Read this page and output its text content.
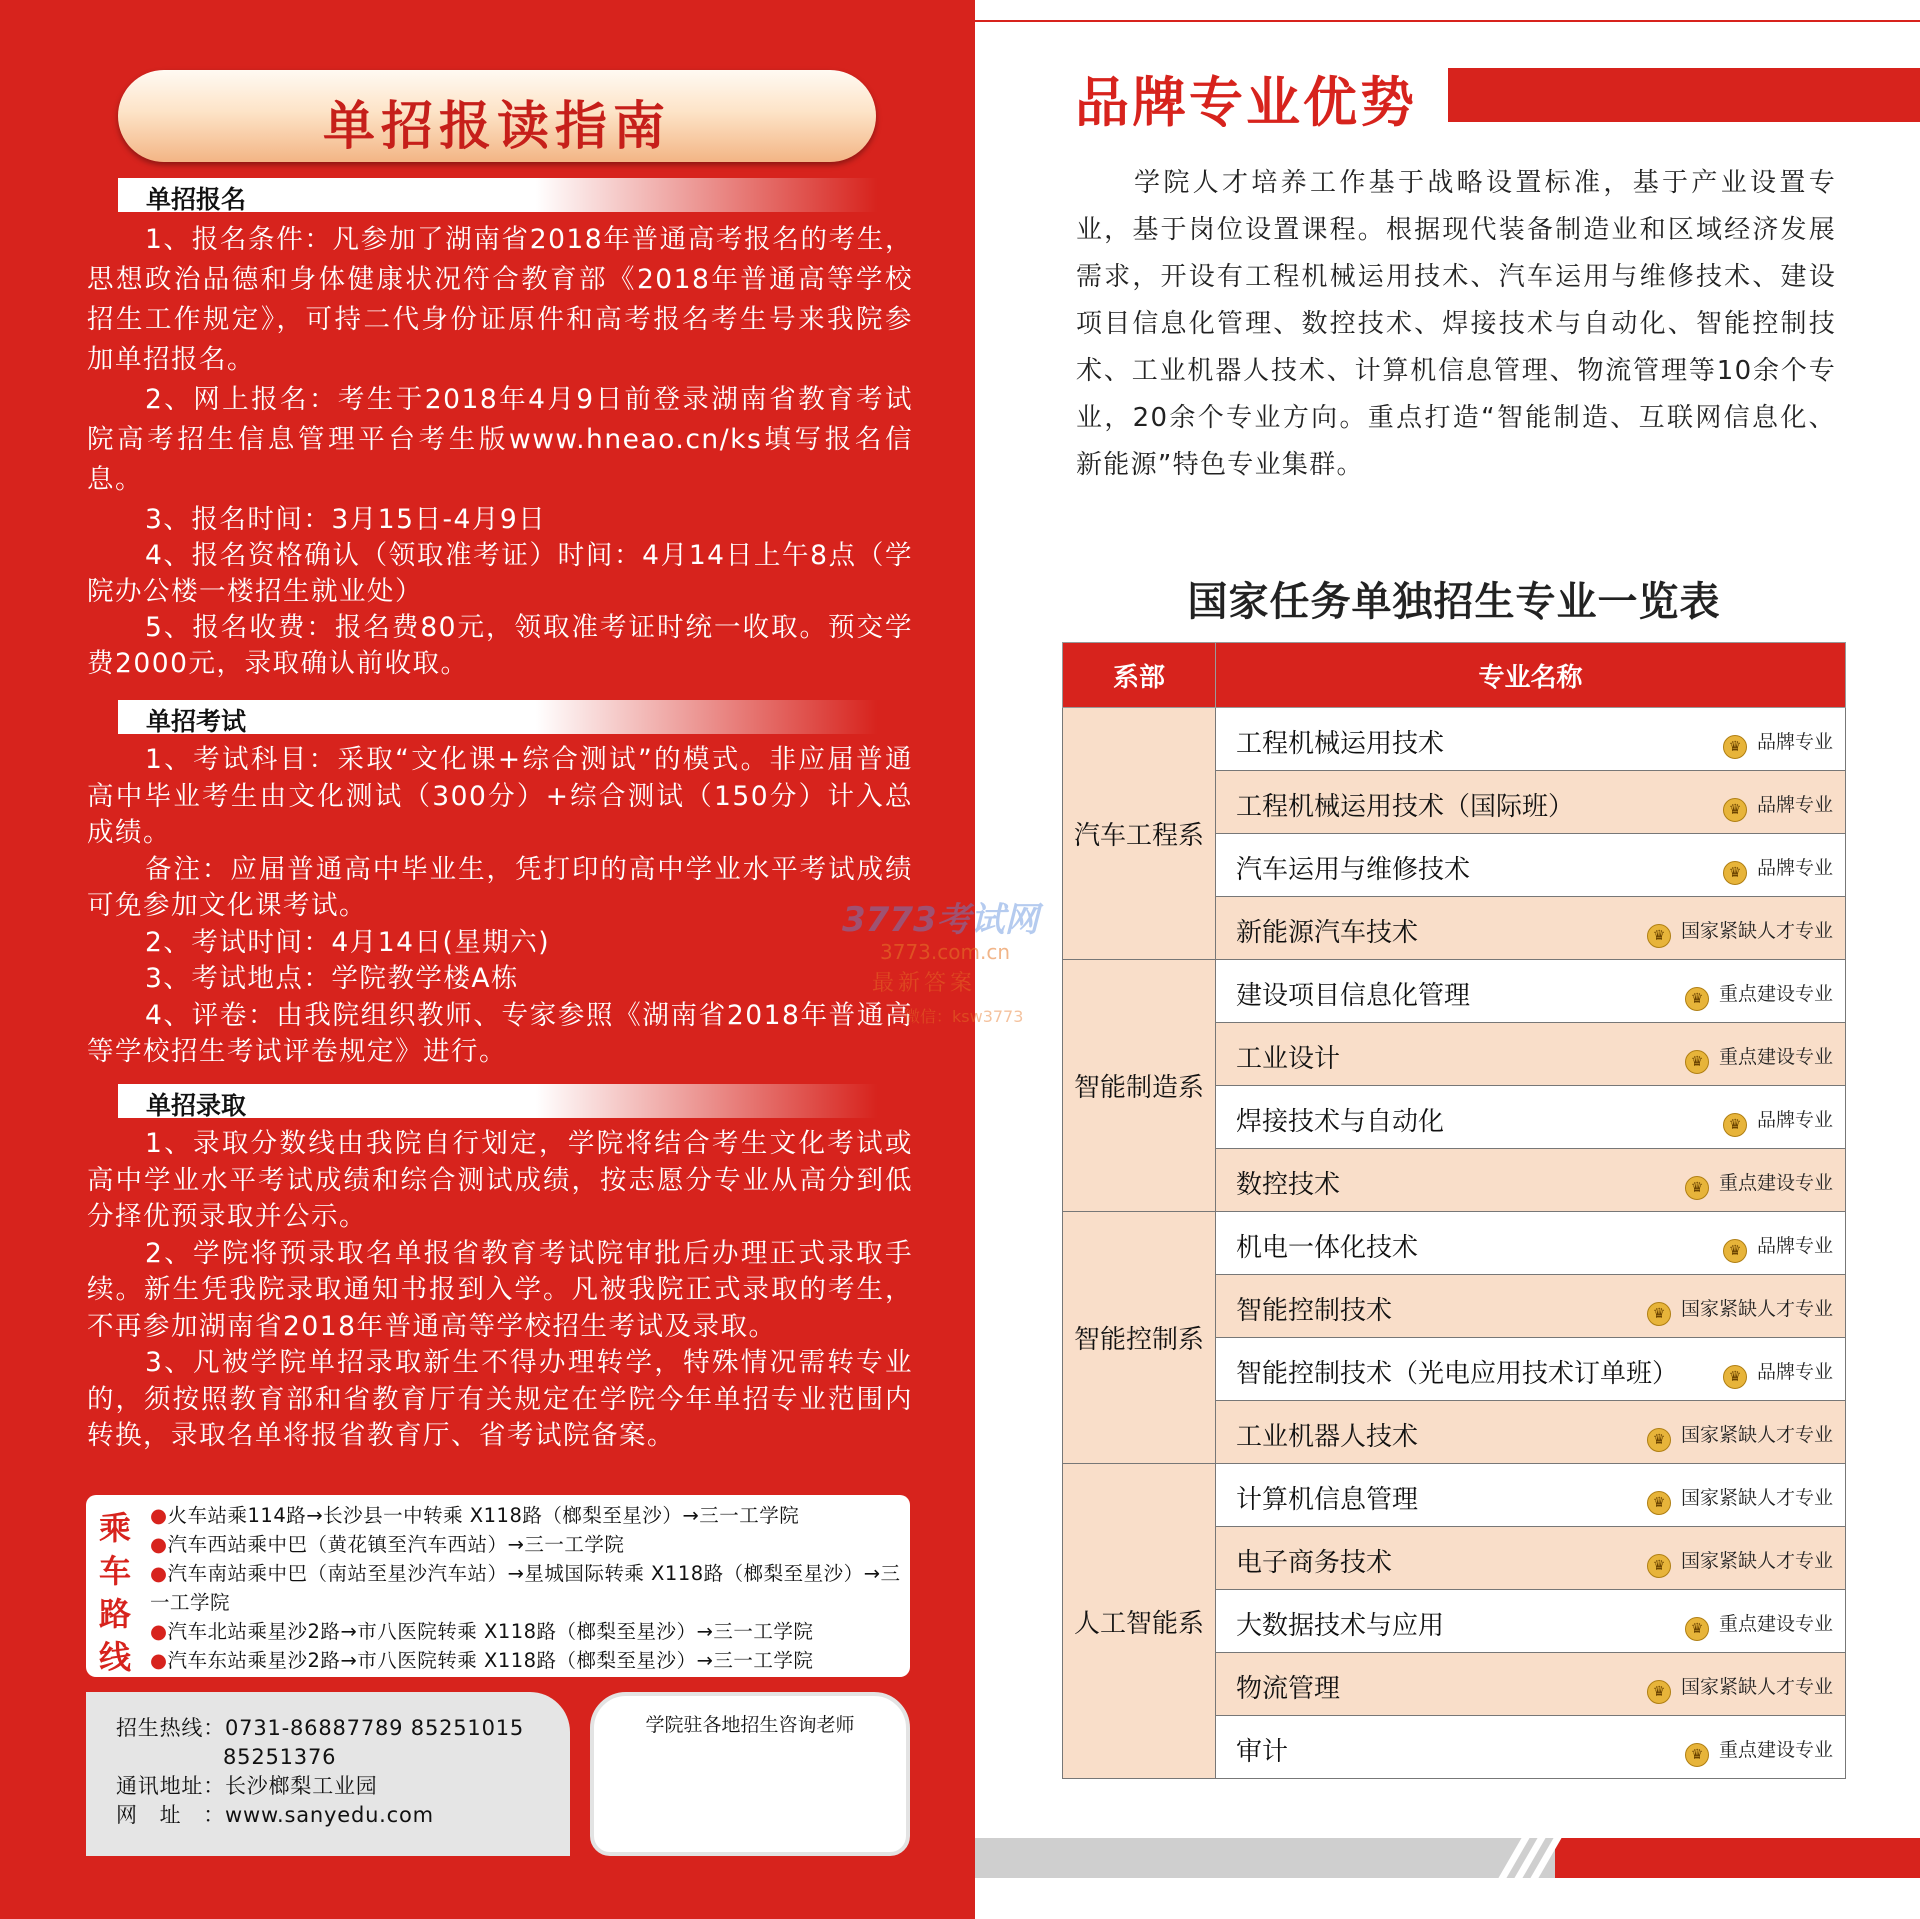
单招报读指南
单招报名

1、报名条件：凡参加了湖南省2018年普通高考报名的考生，思想政治品德和身体健康状况符合教育部《2018年普通高等学校招生工作规定》，可持二代身份证原件和高考报名考生号来我院参加单招报名。

2、网上报名：考生于2018年4月9日前登录湖南省教育考试院高考招生信息管理平台考生版www.hneao.cn/ks填写报名信息。

3、报名时间：3月15日-4月9日

4、报名资格确认（领取准考证）时间：4月14日上午8点（学院办公楼一楼招生就业处）

5、报名收费：报名费80元，领取准考证时统一收取。预交学费2000元，录取确认前收取。

单招考试

1、考试科目：采取“文化课+综合测试”的模式。非应届普通高中毕业考生由文化测试（300分）+综合测试（150分）计入总成绩。

备注：应届普通高中毕业生，凭打印的高中学业水平考试成绩可免参加文化课考试。

2、考试时间：4月14日(星期六)

3、考试地点：学院教学楼A栋

4、评卷：由我院组织教师、专家参照《湖南省2018年普通高等学校招生考试评卷规定》进行。

单招录取

1、录取分数线由我院自行划定，学院将结合考生文化考试或高中学业水平考试成绩和综合测试成绩，按志愿分专业从高分到低分择优预录取并公示。

2、学院将预录取名单报省教育考试院审批后办理正式录取手续。新生凭我院录取通知书报到入学。凡被我院正式录取的考生，不再参加湖南省2018年普通高等学校招生考试及录取。

3、凡被学院单招录取新生不得办理转学，特殊情况需转专业的，须按照教育部和省教育厅有关规定在学院今年单招专业范围内转换，录取名单将报省教育厅、省考试院备案。

乘车路线
●火车站乘114路→长沙县一中转乘 X118路（榔梨至星沙）→三一工学院
●汽车西站乘中巴（黄花镇至汽车西站）→三一工学院
●汽车南站乘中巴（南站至星沙汽车站）→星城国际转乘 X118路（榔梨至星沙）→三一工学院
●汽车北站乘星沙2路→市八医院转乘 X118路（榔梨至星沙）→三一工学院
●汽车东站乘星沙2路→市八医院转乘 X118路（榔梨至星沙）→三一工学院
招生热线：0731-86887789 85251015
85251376
通讯地址：长沙榔梨工业园
网　址　：www.sanyedu.com
学院驻各地招生咨询老师
品牌专业优势
学院人才培养工作基于战略设置标准，基于产业设置专业，基于岗位设置课程。根据现代装备制造业和区域经济发展需求，开设有工程机械运用技术、汽车运用与维修技术、建设项目信息化管理、数控技术、焊接技术与自动化、智能控制技术、工业机器人技术、计算机信息管理、物流管理等10余个专业，20余个专业方向。重点打造“智能制造、互联网信息化、新能源”特色专业集群。
国家任务单独招生专业一览表
系部	专业名称
汽车工程系	工程机械运用技术 ♛ 品牌专业

	工程机械运用技术（国际班） ♛ 品牌专业

	汽车运用与维修技术 ♛ 品牌专业

	新能源汽车技术 ♛ 国家紧缺人才专业

智能制造系	建设项目信息化管理 ♛ 重点建设专业

	工业设计 ♛ 重点建设专业

	焊接技术与自动化 ♛ 品牌专业

	数控技术 ♛ 重点建设专业

智能控制系	机电一体化技术 ♛ 品牌专业

	智能控制技术 ♛ 国家紧缺人才专业

	智能控制技术（光电应用技术订单班） ♛ 品牌专业

	工业机器人技术 ♛ 国家紧缺人才专业

人工智能系	计算机信息管理 ♛ 国家紧缺人才专业

	电子商务技术 ♛ 国家紧缺人才专业

	大数据技术与应用 ♛ 重点建设专业

	物流管理 ♛ 国家紧缺人才专业

	审计 ♛ 重点建设专业
3773考试网
3773.com.cn
最新答案
微信：ksw3773
